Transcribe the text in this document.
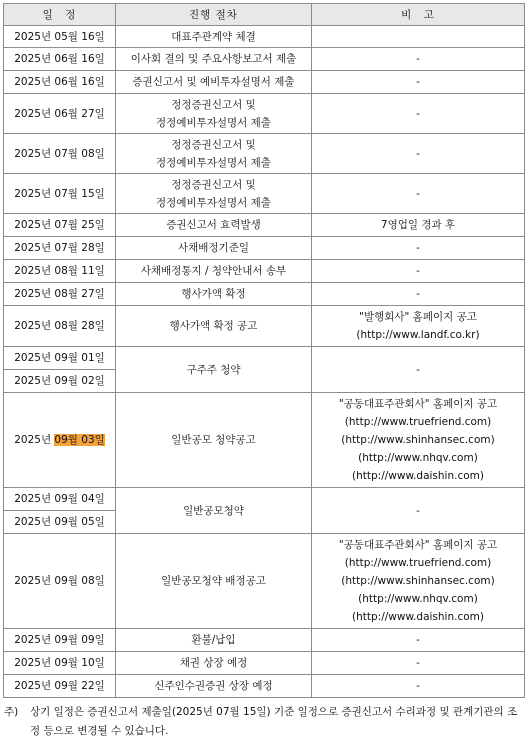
일　정	진행 절차	비　고
2025년 05월 16일	대표주관계약 체결	
2025년 06월 16일	이사회 결의 및 주요사항보고서 제출	-
2025년 06월 16일	증권신고서 및 예비투자설명서 제출	-
2025년 06월 27일	정정증권신고서 및
정정예비투자설명서 제출	-
2025년 07월 08일	정정증권신고서 및
정정예비투자설명서 제출	-
2025년 07월 15일	정정증권신고서 및
정정예비투자설명서 제출	-
2025년 07월 25일	증권신고서 효력발생	7영업일 경과 후
2025년 07월 28일	사채배정기준일	-
2025년 08월 11일	사채배정통지 / 청약안내서 송부	-
2025년 08월 27일	행사가액 확정	-
2025년 08월 28일	행사가액 확정 공고	"발행회사" 홈페이지 공고
(http://www.landf.co.kr)
2025년 09월 01일	구주주 청약	-
2025년 09월 02일		
2025년 09월 03일	일반공모 청약공고	"공동대표주관회사" 홈페이지 공고
(http://www.truefriend.com)
(http://www.shinhansec.com)
(http://www.nhqv.com)
(http://www.daishin.com)
2025년 09월 04일	일반공모청약	-
2025년 09월 05일		
2025년 09월 08일	일반공모청약 배정공고	"공동대표주관회사" 홈페이지 공고
(http://www.truefriend.com)
(http://www.shinhansec.com)
(http://www.nhqv.com)
(http://www.daishin.com)
2025년 09월 09일	환불/납입	-
2025년 09월 10일	채권 상장 예정	-
2025년 09월 22일	신주인수권증권 상장 예정	-
주) 상기 일정은 증권신고서 제출일(2025년 07월 15일) 기준 일정으로 증권신고서 수리과정 및 관계기관의 조정 등으로 변경될 수 있습니다.
